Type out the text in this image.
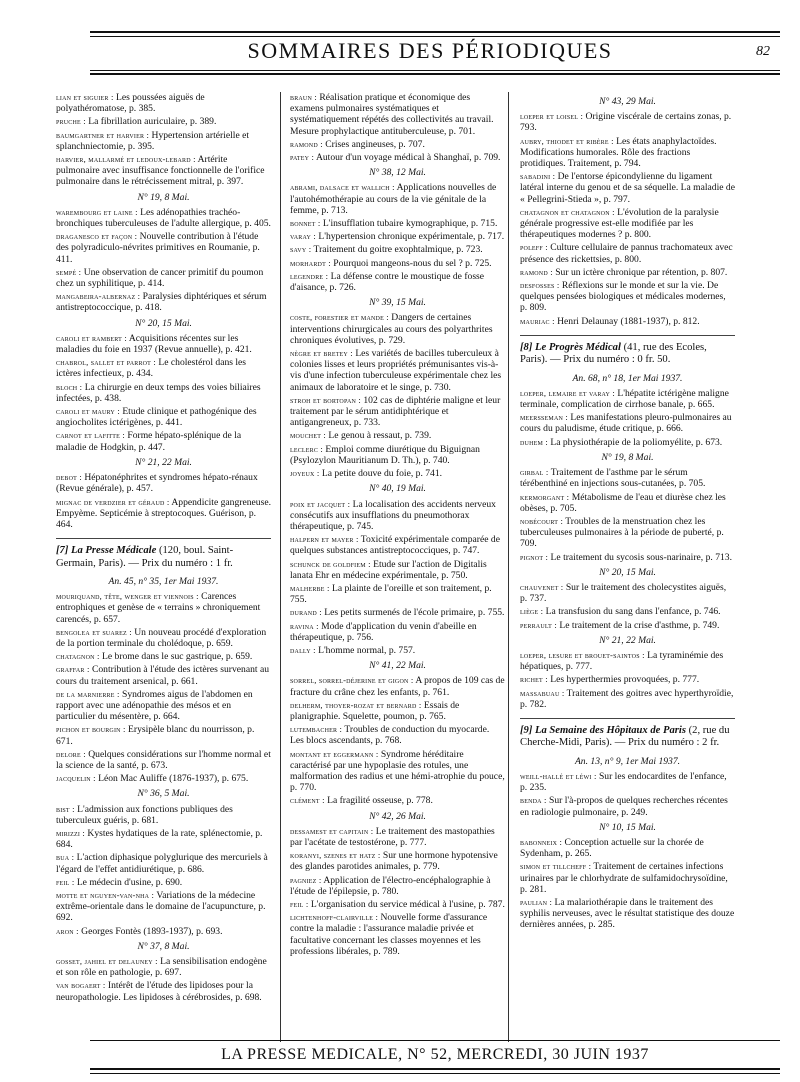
SOMMAIRES DES PÉRIODIQUES	82

lian et siguier : Les poussées aiguës de polyathéromatose, p. 385.

pruche : La fibrillation auriculaire, p. 389.

baumgartner et harvier : Hypertension artérielle et splanchniectomie, p. 395.

harvier, mallarmé et ledoux-lebard : Artérite pulmonaire avec insuffisance fonctionnelle de l'orifice pulmonaire dans le rétrécissement mitral, p. 397.

N° 19, 8 Mai.

warembourg et laine : Les adénopathies trachéo-bronchiques tuberculeuses de l'adulte allergique, p. 405.

draganesco et façon : Nouvelle contribution à l'étude des polyradiculo-névrites primitives en Roumanie, p. 411.

sempé : Une observation de cancer primitif du poumon chez un syphilitique, p. 414.

mangabeira-albernaz : Paralysies diphtériques et sérum antistreptococcique, p. 418.

N° 20, 15 Mai.

caroli et rambert : Acquisitions récentes sur les maladies du foie en 1937 (Revue annuelle), p. 421.

chabrol, sallet et parrot : Le cholestérol dans les ictères infectieux, p. 434.

bloch : La chirurgie en deux temps des voies biliaires infectées, p. 438.

caroli et maury : Etude clinique et pathogénique des angiocholites ictérigènes, p. 441.

carnot et lafitte : Forme hépato-splénique de la maladie de Hodgkin, p. 447.

N° 21, 22 Mai.

debot : Hépatonéphrites et syndromes hépato-rénaux (Revue générale), p. 457.

mignac de verdzier et géraud : Appendicite gangreneuse. Empyème. Septicémie à streptocoques. Guérison, p. 464.

[7] La Presse Médicale (120, boul. Saint-Germain, Paris). — Prix du numéro : 1 fr.

An. 45, n° 35, 1er Mai 1937.

mouriquand, tête, wenger et viennois : Carences entrophiques et genèse de « terrains » chroniquement carencés, p. 657.

bengolea et suarez : Un nouveau procédé d'exploration de la portion terminale du cholédoque, p. 659.

chatagnon : Le brome dans le suc gastrique, p. 659.

graffar : Contribution à l'étude des ictères survenant au cours du traitement arsenical, p. 661.

de la marnierre : Syndromes aigus de l'abdomen en rapport avec une adénopathie des mésos et en particulier du mésentère, p. 664.

pichon et bourgin : Erysipèle blanc du nourrisson, p. 671.

delore : Quelques considérations sur l'homme normal et la science de la santé, p. 673.

jacquelin : Léon Mac Auliffe (1876-1937), p. 675.

N° 36, 5 Mai.

bist : L'admission aux fonctions publiques des tuberculeux guéris, p. 681.

mirizzi : Kystes hydatiques de la rate, splénectomie, p. 684.

bua : L'action diphasique polyglurique des mercuriels à l'égard de l'effet antidiurétique, p. 686.

feil : Le médecin d'usine, p. 690.

motte et nguyen-van-nha : Variations de la médecine extrême-orientale dans le domaine de l'acupuncture, p. 692.

aron : Georges Fontès (1893-1937), p. 693.

N° 37, 8 Mai.

gosset, jahiel et delauney : La sensibilisation endogène et son rôle en pathologie, p. 697.

van bogaert : Intérêt de l'étude des lipidoses pour la neuropathologie. Les lipidoses à cérébrosides, p. 698.

braun : Réalisation pratique et économique des examens pulmonaires systématiques et systématiquement répétés des collectivités au travail. Mesure prophylactique antituberculeuse, p. 701.

ramond : Crises angineuses, p. 707.

patey : Autour d'un voyage médical à Shanghaï, p. 709.

N° 38, 12 Mai.

abrami, dalsace et wallich : Applications nouvelles de l'autohémothérapie au cours de la vie génitale de la femme, p. 713.

bonnet : L'insufflation tubaire kymographique, p. 715.

varay : L'hypertension chronique expérimentale, p. 717.

savy : Traitement du goitre exophtalmique, p. 723.

morhardt : Pourquoi mangeons-nous du sel ? p. 725.

legendre : La défense contre le moustique de fosse d'aisance, p. 726.

N° 39, 15 Mai.

coste, forestier et mande : Dangers de certaines interventions chirurgicales au cours des polyarthrites chroniques évolutives, p. 729.

nègre et bretey : Les variétés de bacilles tuberculeux à colonies lisses et leurs propriétés prémunisantes vis-à-vis d'une infection tuberculeuse expérimentale chez les animaux de laboratoire et le singe, p. 730.

stroh et bortopan : 102 cas de diphtérie maligne et leur traitement par le sérum antidiphtérique et antigangreneux, p. 733.

mouchet : Le genou à ressaut, p. 739.

leclerc : Emploi comme diurétique du Biguignan (Psylozylon Mauritianum D. Th.), p. 740.

joyeux : La petite douve du foie, p. 741.

N° 40, 19 Mai.

poix et jacquet : La localisation des accidents nerveux consécutifs aux insufflations du pneumothorax thérapeutique, p. 745.

halpern et mayer : Toxicité expérimentale comparée de quelques substances antistreptococciques, p. 747.

schunck de goldfiem : Etude sur l'action de Digitalis lanata Ehr en médecine expérimentale, p. 750.

malherbe : La plainte de l'oreille et son traitement, p. 755.

durand : Les petits surmenés de l'école primaire, p. 755.

ravina : Mode d'application du venin d'abeille en thérapeutique, p. 756.

dally : L'homme normal, p. 757.

N° 41, 22 Mai.

sorrel, sorrel-déjerine et gigon : A propos de 109 cas de fracture du crâne chez les enfants, p. 761.

delherm, thoyer-rozat et bernard : Essais de planigraphie. Squelette, poumon, p. 765.

lutembacher : Troubles de conduction du myocarde. Les blocs ascendants, p. 768.

montant et eggermann : Syndrome héréditaire caractérisé par une hypoplasie des rotules, une malformation des radius et une hémi-atrophie du pouce, p. 770.

clément : La fragilité osseuse, p. 778.

N° 42, 26 Mai.

dessamest et capitain : Le traitement des mastopathies par l'acétate de testostérone, p. 777.

koranyi, szenes et hatz : Sur une hormone hypotensive des glandes parotides animales, p. 779.

pagniez : Application de l'électro-encéphalographie à l'étude de l'épilepsie, p. 780.

feil : L'organisation du service médical à l'usine, p. 787.

lichtenhoff-clairville : Nouvelle forme d'assurance contre la maladie : l'assurance maladie privée et facultative concernant les classes moyennes et les professions libérales, p. 789.

N° 43, 29 Mai.

loeper et loisel : Origine viscérale de certains zonas, p. 793.

aubry, thiodet et ribère : Les états anaphylactoïdes. Modifications humorales. Rôle des fractions protidiques. Traitement, p. 794.

sabadini : De l'entorse épicondylienne du ligament latéral interne du genou et de sa séquelle. La maladie de « Pellegrini-Stieda », p. 797.

chatagnon et chatagnon : L'évolution de la paralysie générale progressive est-elle modifiée par les thérapeutiques modernes ? p. 800.

poleff : Culture cellulaire de pannus trachomateux avec présence des rickettsies, p. 800.

ramond : Sur un ictère chronique par rétention, p. 807.

desfosses : Réflexions sur le monde et sur la vie. De quelques pensées biologiques et médicales modernes, p. 809.

mauriac : Henri Delaunay (1881-1937), p. 812.

[8] Le Progrès Médical (41, rue des Ecoles, Paris). — Prix du numéro : 0 fr. 50.

An. 68, n° 18, 1er Mai 1937.

loeper, lemaire et varay : L'hépatite ictérigène maligne terminale, complication de cirrhose banale, p. 665.

meersseman : Les manifestations pleuro-pulmonaires au cours du paludisme, étude critique, p. 666.

duhem : La physiothérapie de la poliomyélite, p. 673.

N° 19, 8 Mai.

girbal : Traitement de l'asthme par le sérum térébenthiné en injections sous-cutanées, p. 705.

kermorgant : Métabolisme de l'eau et diurèse chez les obèses, p. 705.

nobécourt : Troubles de la menstruation chez les tuberculeuses pulmonaires à la période de puberté, p. 709.

pignot : Le traitement du sycosis sous-narinaire, p. 713.

N° 20, 15 Mai.

chauvenet : Sur le traitement des cholecystites aiguës, p. 737.

liège : La transfusion du sang dans l'enfance, p. 746.

perrault : Le traitement de la crise d'asthme, p. 749.

N° 21, 22 Mai.

loeper, lesure et brouet-saintos : La tyraminémie des hépatiques, p. 777.

richet : Les hyperthermies provoquées, p. 777.

massabuau : Traitement des goitres avec hyperthyroïdie, p. 782.

[9] La Semaine des Hôpitaux de Paris (2, rue du Cherche-Midi, Paris). — Prix du numéro : 2 fr.

An. 13, n° 9, 1er Mai 1937.

weill-hallé et léwi : Sur les endocardites de l'enfance, p. 235.

benda : Sur l'à-propos de quelques recherches récentes en radiologie pulmonaire, p. 249.

N° 10, 15 Mai.

babonneix : Conception actuelle sur la chorée de Sydenham, p. 265.

simon et tillcheff : Traitement de certaines infections urinaires par le chlorhydrate de sulfamidochrysoïdine, p. 281.

paulian : La malariothérapie dans le traitement des syphilis nerveuses, avec le résultat statistique des douze dernières années, p. 285.

LA PRESSE MEDICALE, N° 52, MERCREDI, 30 JUIN 1937
